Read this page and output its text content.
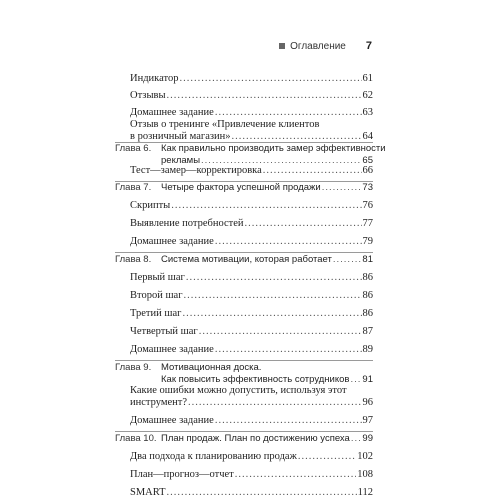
Оглавление 7
Индикатор .....	61
Отзывы .....	62
Домашнее задание .....	63
Отзыв о тренинге «Привлечение клиентов
в розничный магазин» .....	64
Глава 6. Как правильно производить замер эффективности
рекламы .....	65
Тест—замер—корректировка .....	66
Глава 7. Четыре фактора успешной продажи .....	73
Скрипты .....	76
Выявление потребностей .....	77
Домашнее задание .....	79
Глава 8. Система мотивации, которая работает .....	81
Первый шаг .....	86
Второй шаг .....	86
Третий шаг .....	86
Четвертый шаг .....	87
Домашнее задание .....	89
Глава 9. Мотивационная доска.
Как повысить эффективность сотрудников ..... 91
Какие ошибки можно допустить, используя этот
инструмент? .....	96
Домашнее задание .....	97
Глава 10. План продаж. План по достижению успеха ..... 99
Два подхода к планированию продаж .....	102
План—прогноз—отчет .....	108
SMART .....	112
